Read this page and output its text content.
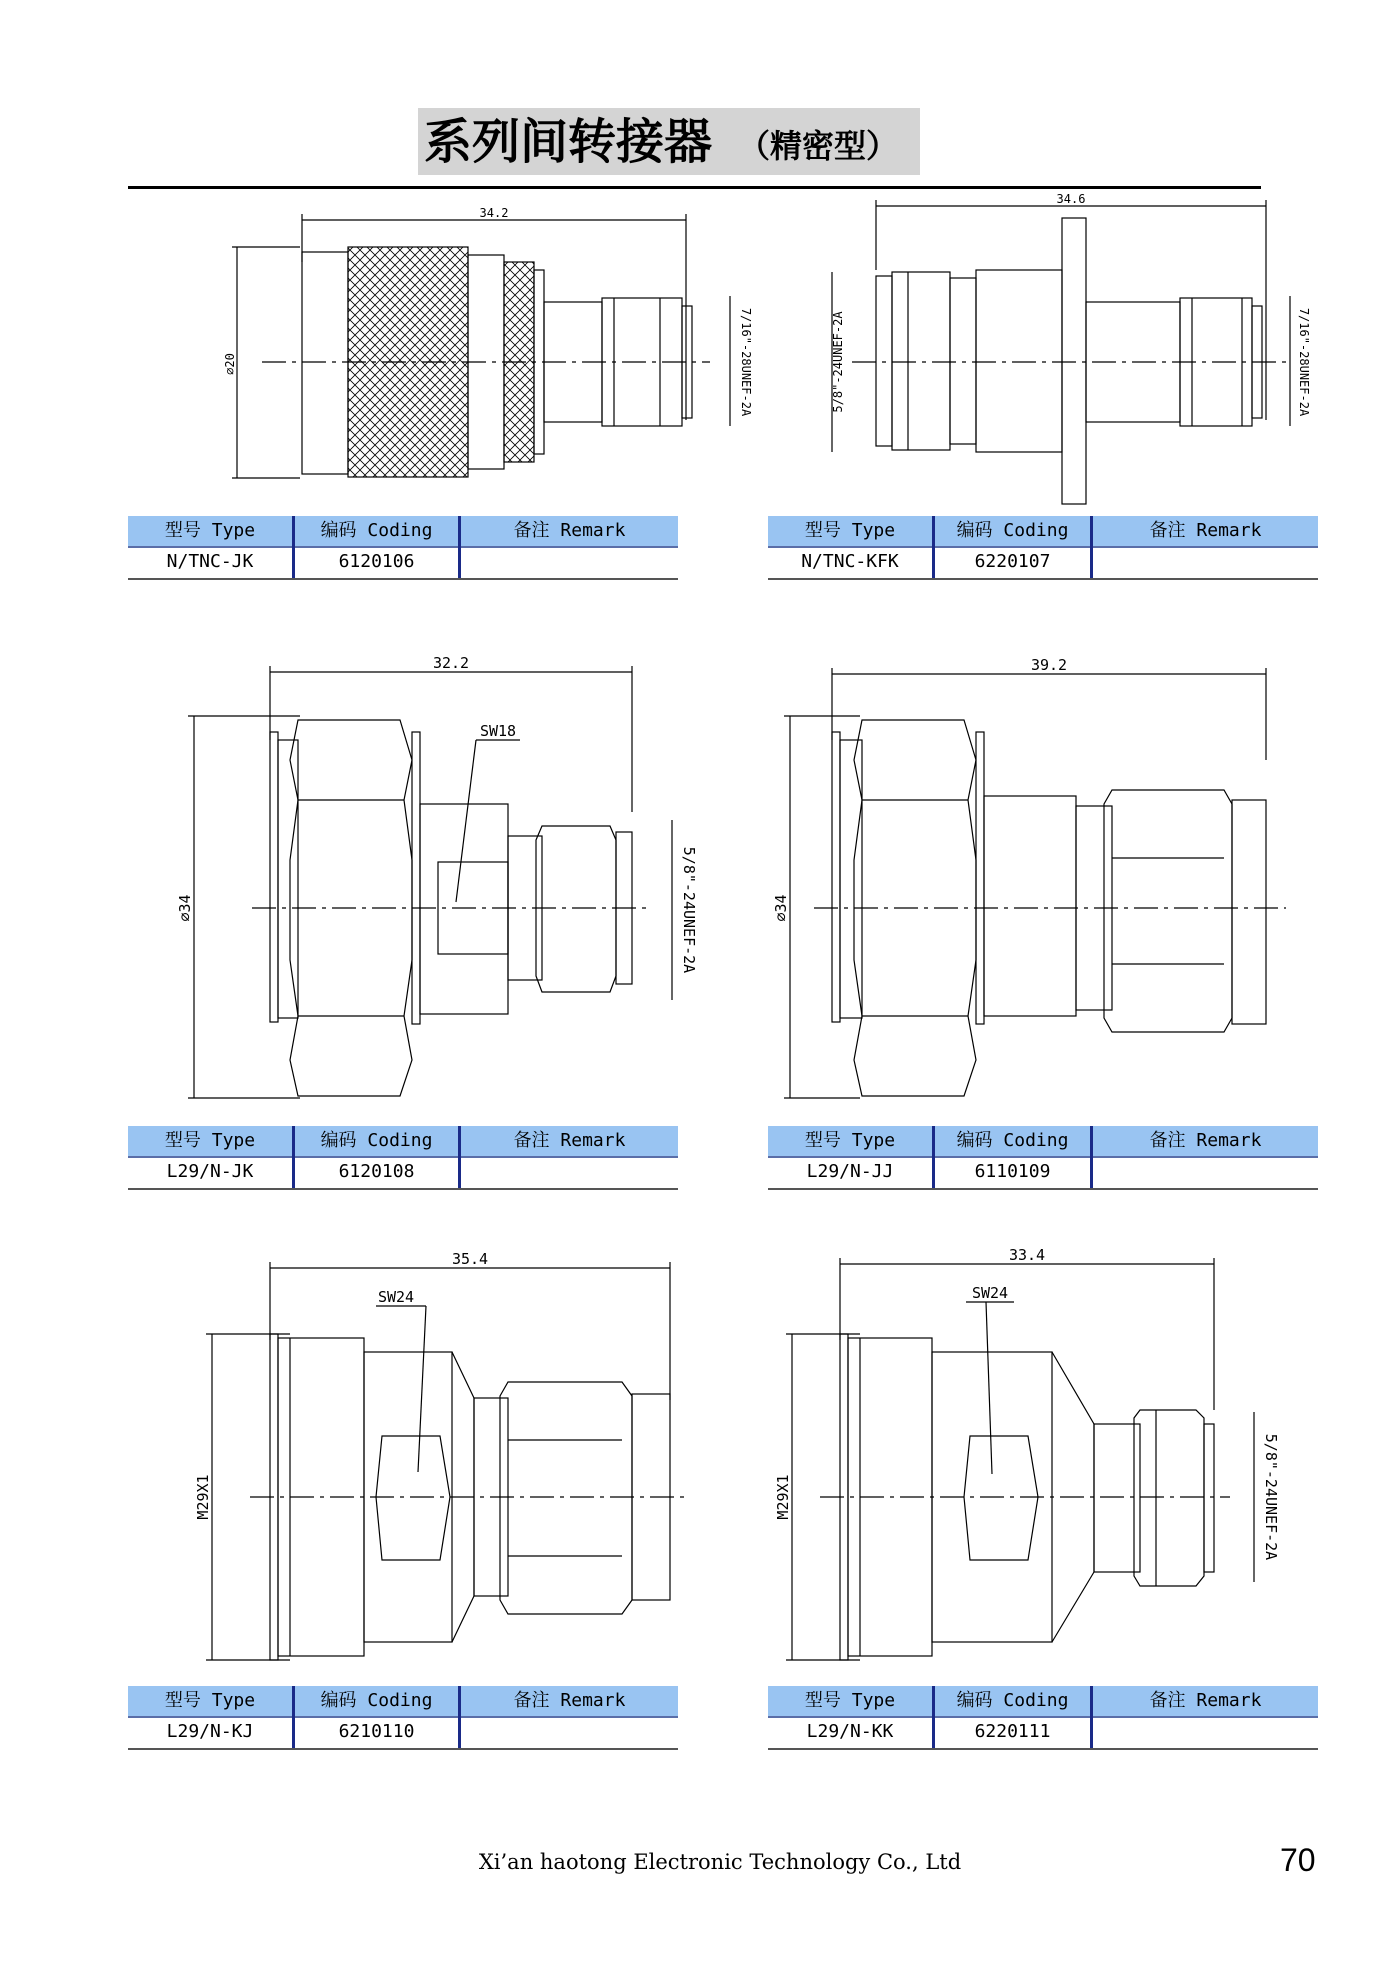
系列间转接器 （精密型）
34.2
⌀20	7/16"-28UNEF-2A
34.6
5/8"-24UNEF-2A	7/16"-28UNEF-2A
32.2
⌀34
SW18
5/8"-24UNEF-2A
39.2
⌀34
35.4
M29X1
SW24
33.4
M29X1
SW24
5/8"-24UNEF-2A
型号 Type	编码 Coding	备注 Remark
N/TNC-JK	6120106
型号 Type	编码 Coding	备注 Remark
N/TNC-KFK	6220107
型号 Type	编码 Coding	备注 Remark
L29/N-JK	6120108
型号 Type	编码 Coding	备注 Remark
L29/N-JJ	6110109
型号 Type	编码 Coding	备注 Remark
L29/N-KJ	6210110
型号 Type	编码 Coding	备注 Remark
L29/N-KK	6220111
Xi’an haotong Electronic Technology Co., Ltd	70
